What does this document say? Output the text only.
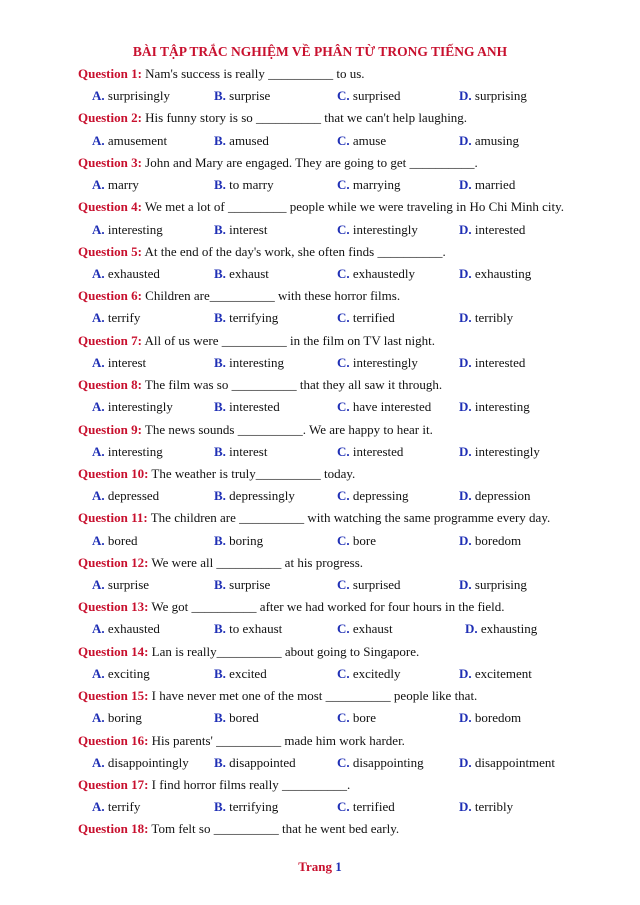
BÀI TẬP TRẮC NGHIỆM VỀ PHÂN TỪ TRONG TIẾNG ANH
Question 1: Nam's success is really __________ to us.
A. surprisingly	B. surprise	C. surprised	D. surprising
Question 2: His funny story is so __________ that we can't help laughing.
A. amusement	B. amused	C. amuse	D. amusing
Question 3: John and Mary are engaged. They are going to get __________.
A. marry	B. to marry	C. marrying	D. married
Question 4: We met a lot of _________ people while we were traveling in Ho Chi Minh city.
A. interesting	B. interest	C. interestingly	D. interested
Question 5: At the end of the day's work, she often finds __________.
A. exhausted	B. exhaust	C. exhaustedly	D. exhausting
Question 6: Children are__________ with these horror films.
A. terrify	B. terrifying	C. terrified	D. terribly
Question 7: All of us were __________ in the film on TV last night.
A. interest	B. interesting	C. interestingly	D. interested
Question 8: The film was so __________ that they all saw it through.
A. interestingly	B. interested	C. have interested D. interesting
Question 9: The news sounds __________. We are happy to hear it.
A. interesting	B. interest	C. interested	D. interestingly
Question 10: The weather is truly__________ today.
A. depressed	B. depressingly	C. depressing	D. depression
Question 11: The children are __________ with watching the same programme every day.
A. bored	B. boring	C. bore	D. boredom
Question 12: We were all __________ at his progress.
A. surprise	B. surprise	C. surprised	D. surprising
Question 13: We got __________ after we had worked for four hours in the field.
A. exhausted	B. to exhaust	C. exhaust	D. exhausting
Question 14: Lan is really__________ about going to Singapore.
A. exciting	B. excited	C. excitedly	D. excitement
Question 15: I have never met one of the most __________ people like that.
A. boring	B. bored	C. bore	D. boredom
Question 16: His parents' __________ made him work harder.
A. disappointingly B. disappointed	C. disappointing	D. disappointment
Question 17: I find horror films really __________.
A. terrify	B. terrifying	C. terrified	D. terribly
Question 18: Tom felt so __________ that he went bed early.
Trang 1
